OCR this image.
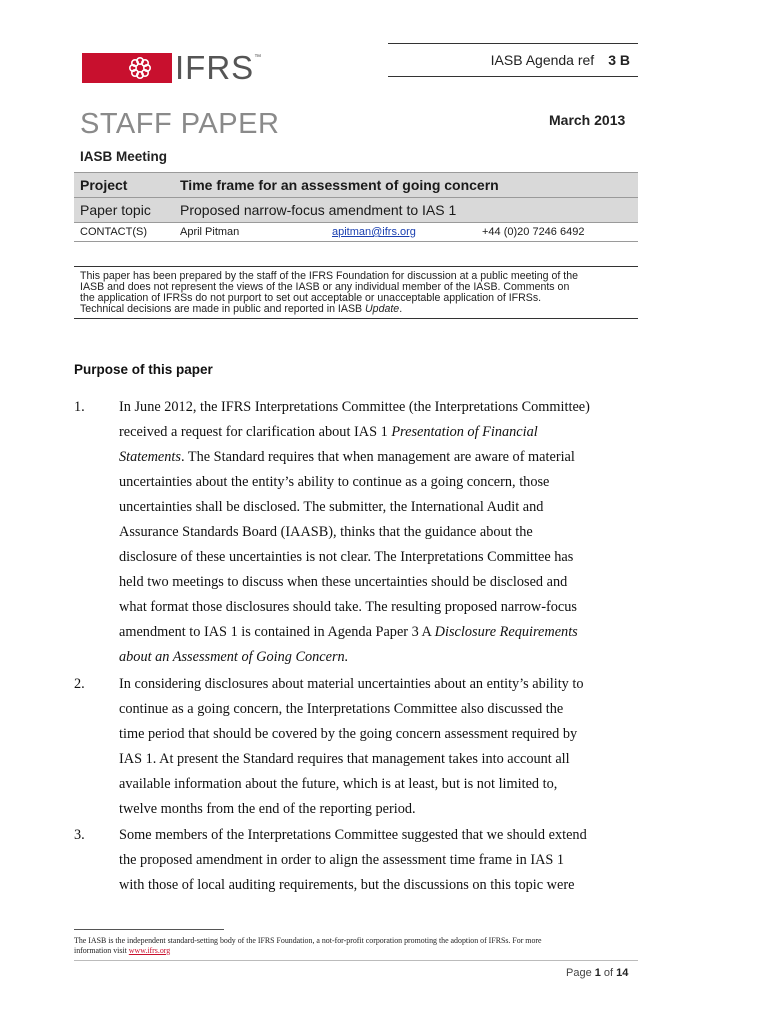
IFRS ™	IASB Agenda ref 3 B
STAFF PAPER	March 2013
IASB Meeting
Project	Time frame for an assessment of going concern
Paper topic	Proposed narrow-focus amendment to IAS 1
CONTACT(S)	April Pitman	apitman@ifrs.org	+44 (0)20 7246 6492
This paper has been prepared by the staff of the IFRS Foundation for discussion at a public meeting of the
IASB and does not represent the views of the IASB or any individual member of the IASB. Comments on
the application of IFRSs do not purport to set out acceptable or unacceptable application of IFRSs.
Technical decisions are made in public and reported in IASB Update.
Purpose of this paper
1. In June 2012, the IFRS Interpretations Committee (the Interpretations Committee)
received a request for clarification about IAS 1 Presentation of Financial
Statements. The Standard requires that when management are aware of material
uncertainties about the entity’s ability to continue as a going concern, those
uncertainties shall be disclosed. The submitter, the International Audit and
Assurance Standards Board (IAASB), thinks that the guidance about the
disclosure of these uncertainties is not clear. The Interpretations Committee has
held two meetings to discuss when these uncertainties should be disclosed and
what format those disclosures should take. The resulting proposed narrow-focus
amendment to IAS 1 is contained in Agenda Paper 3 A Disclosure Requirements
about an Assessment of Going Concern.
2. In considering disclosures about material uncertainties about an entity’s ability to
continue as a going concern, the Interpretations Committee also discussed the
time period that should be covered by the going concern assessment required by
IAS 1. At present the Standard requires that management takes into account all
available information about the future, which is at least, but is not limited to,
twelve months from the end of the reporting period.
3. Some members of the Interpretations Committee suggested that we should extend
the proposed amendment in order to align the assessment time frame in IAS 1
with those of local auditing requirements, but the discussions on this topic were
The IASB is the independent standard-setting body of the IFRS Foundation, a not-for-profit corporation promoting the adoption of IFRSs. For more
information visit www.ifrs.org
Page 1 of 14
